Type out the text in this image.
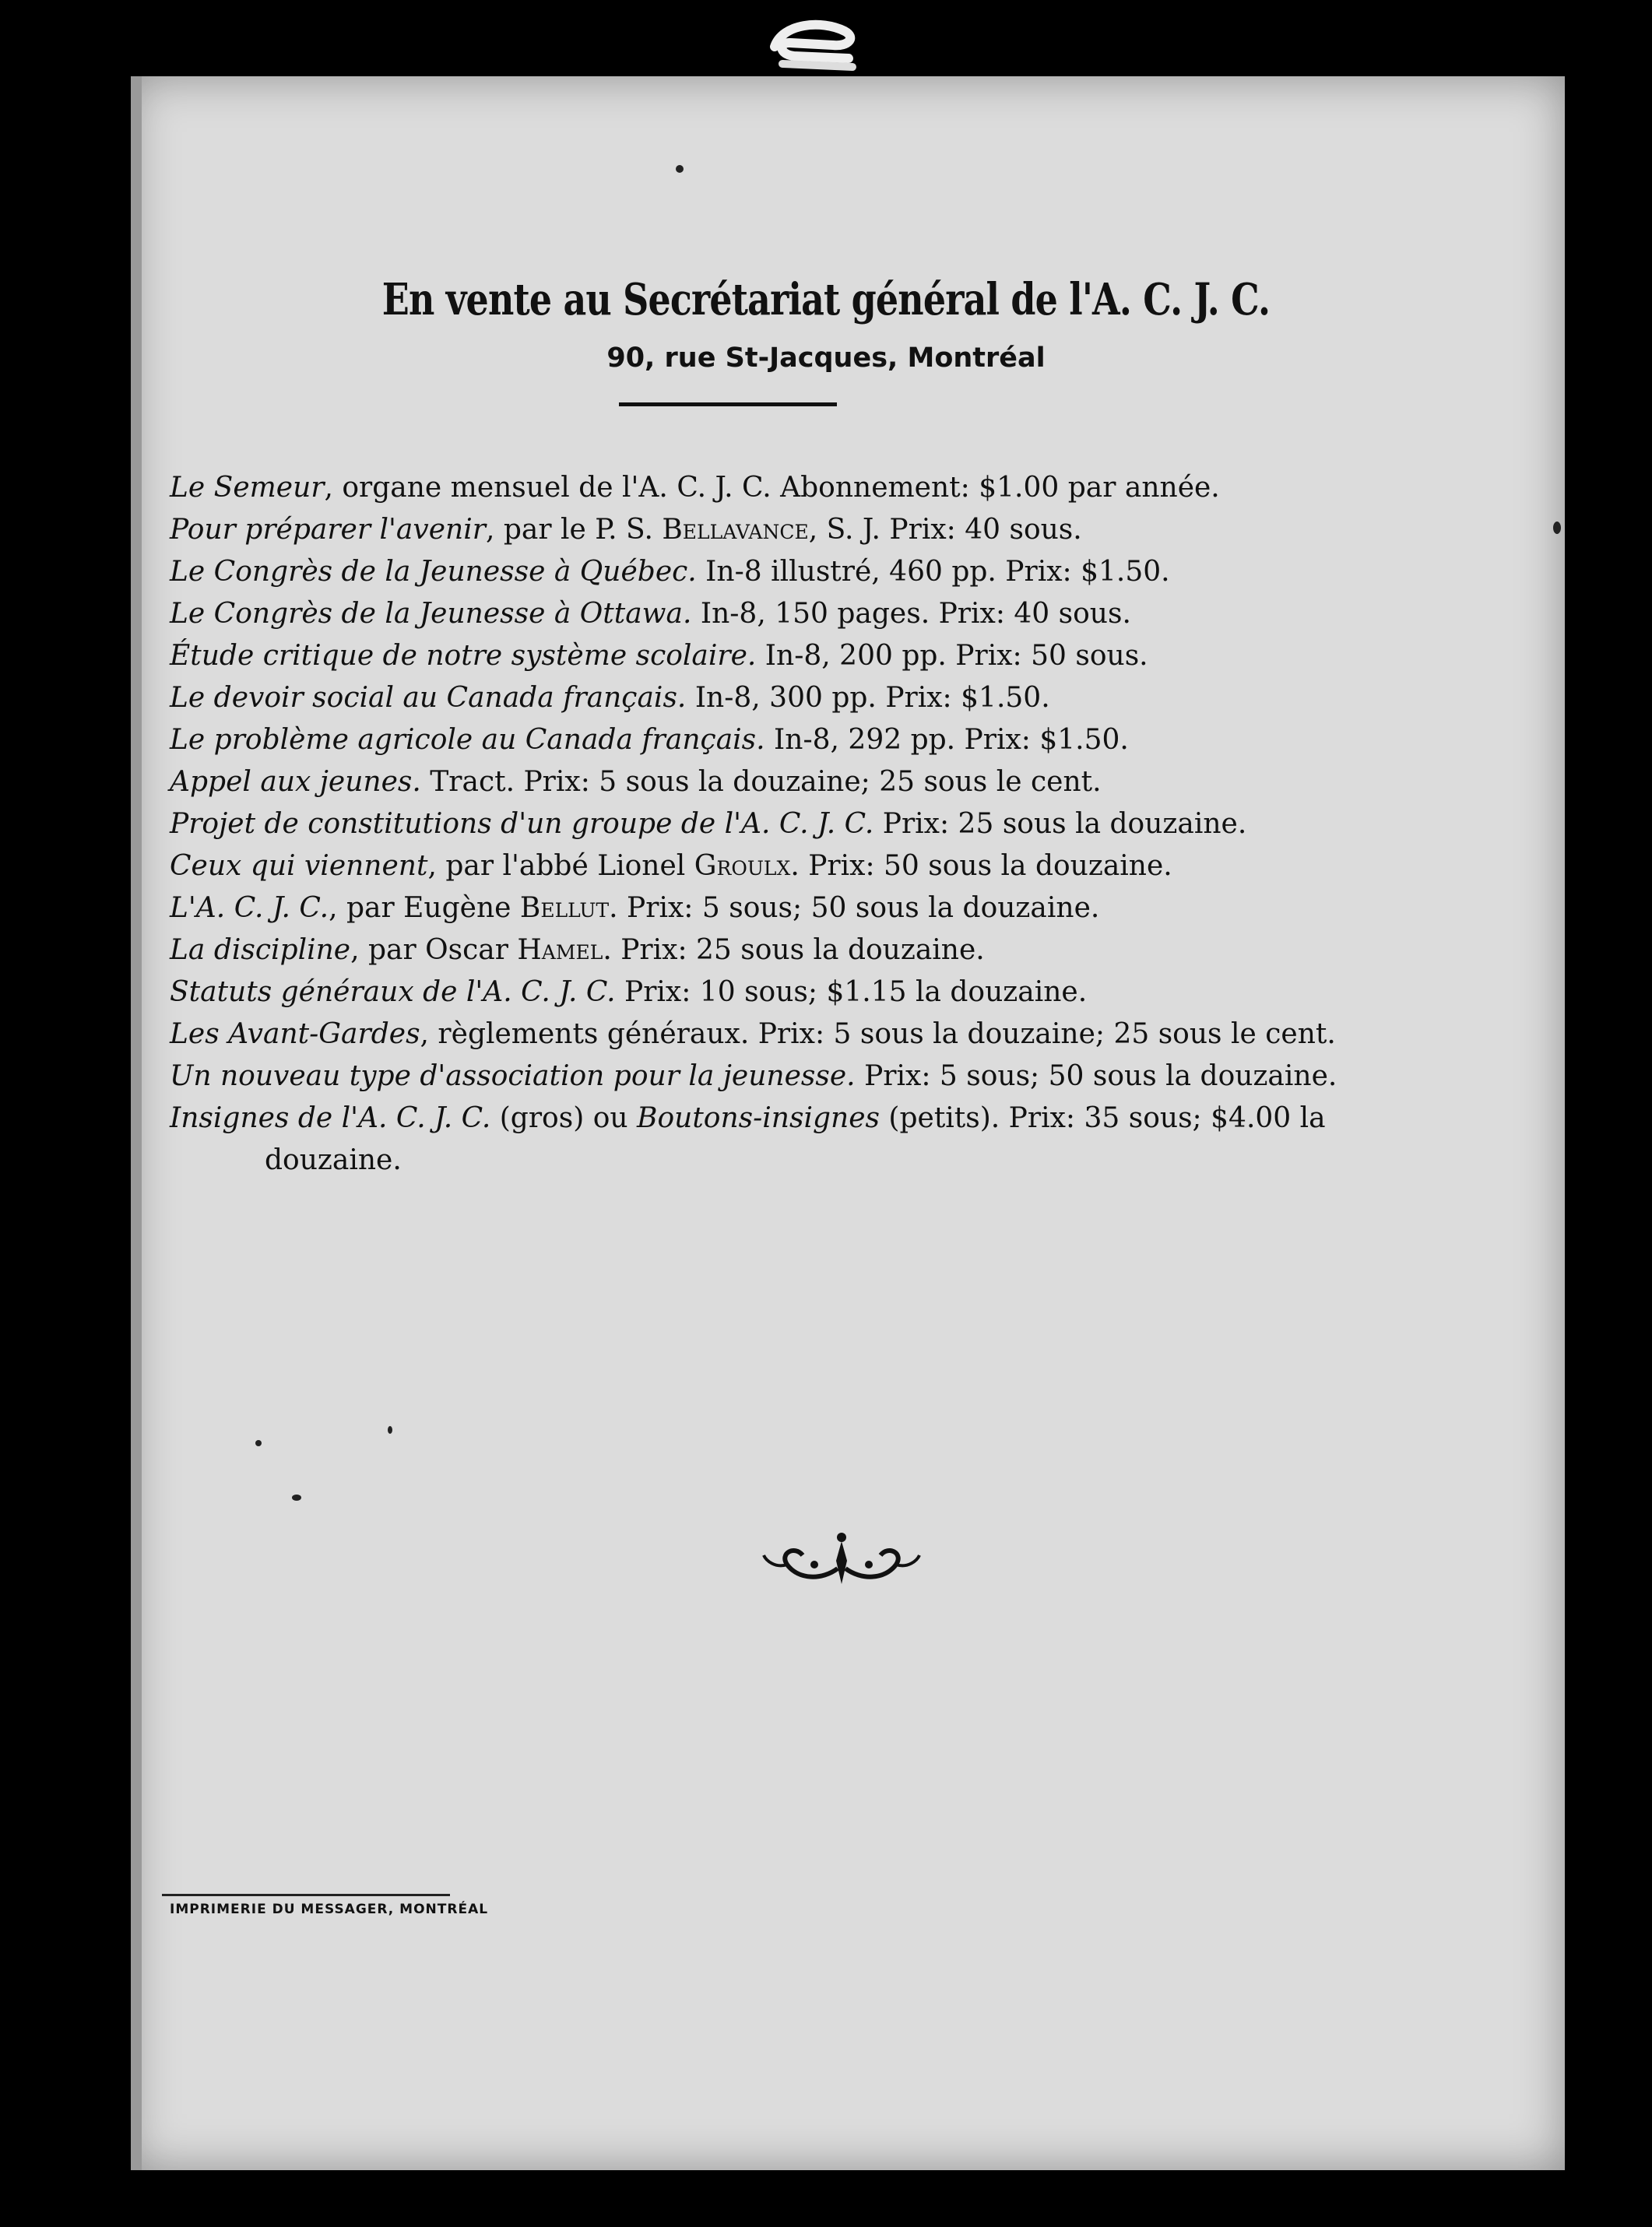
En vente au Secrétariat général de l'A. C. J. C.
90, rue St-Jacques, Montréal
Le Semeur, organe mensuel de l'A. C. J. C. Abonnement: $1.00 par année.
Pour préparer l'avenir, par le P. S. Bellavance, S. J. Prix: 40 sous.
Le Congrès de la Jeunesse à Québec. In-8 illustré, 460 pp. Prix: $1.50.
Le Congrès de la Jeunesse à Ottawa. In-8, 150 pages. Prix: 40 sous.
Étude critique de notre système scolaire. In-8, 200 pp. Prix: 50 sous.
Le devoir social au Canada français. In-8, 300 pp. Prix: $1.50.
Le problème agricole au Canada français. In-8, 292 pp. Prix: $1.50.
Appel aux jeunes. Tract. Prix: 5 sous la douzaine; 25 sous le cent.
Projet de constitutions d'un groupe de l'A. C. J. C. Prix: 25 sous la douzaine.
Ceux qui viennent, par l'abbé Lionel Groulx. Prix: 50 sous la douzaine.
L'A. C. J. C., par Eugène Bellut. Prix: 5 sous; 50 sous la douzaine.
La discipline, par Oscar Hamel. Prix: 25 sous la douzaine.
Statuts généraux de l'A. C. J. C. Prix: 10 sous; $1.15 la douzaine.
Les Avant-Gardes, règlements généraux. Prix: 5 sous la douzaine; 25 sous le cent.
Un nouveau type d'association pour la jeunesse. Prix: 5 sous; 50 sous la douzaine.
Insignes de l'A. C. J. C. (gros) ou Boutons-insignes (petits). Prix: 35 sous; $4.00 la douzaine.
IMPRIMERIE DU MESSAGER, MONTRÉAL
